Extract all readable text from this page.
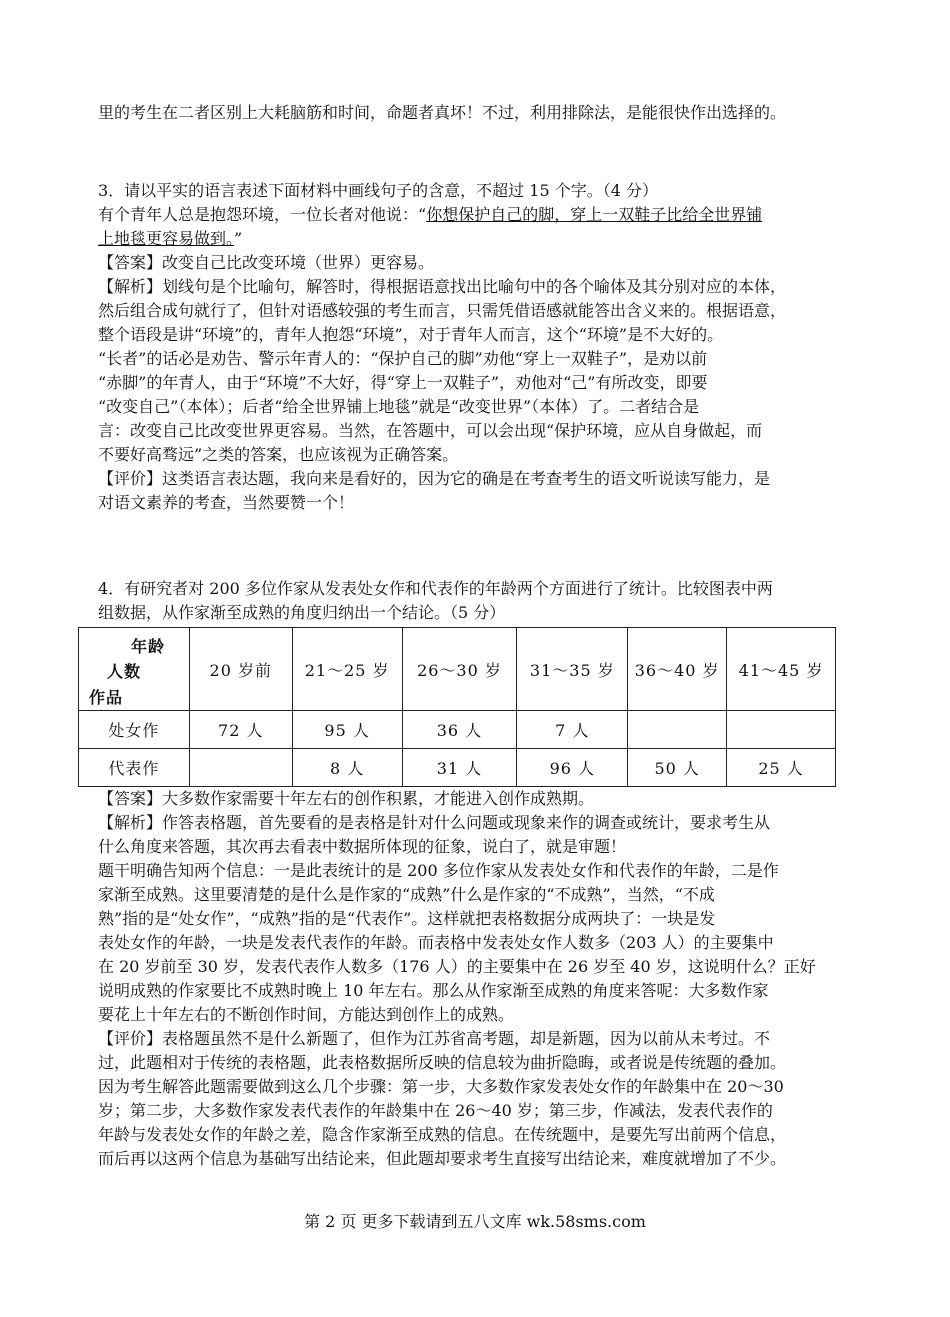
里的考生在二者区别上大耗脑筋和时间，命题者真坏！不过，利用排除法，是能很快作出选择的。

3．请以平实的语言表述下面材料中画线句子的含意，不超过 15 个字。（4 分）
有个青年人总是抱怨环境，一位长者对他说：“你想保护自己的脚，穿上一双鞋子比给全世界铺
上地毯更容易做到。”
【答案】改变自己比改变环境（世界）更容易。
【解析】划线句是个比喻句，解答时，得根据语意找出比喻句中的各个喻体及其分别对应的本体，
然后组合成句就行了，但针对语感较强的考生而言，只需凭借语感就能答出含义来的。根据语意，
整个语段是讲“环境”的，青年人抱怨“环境”，对于青年人而言，这个“环境”是不大好的。
“长者”的话必是劝告、警示年青人的：“保护自己的脚”劝他“穿上一双鞋子”，是劝以前
“赤脚”的年青人，由于“环境”不大好，得“穿上一双鞋子”，劝他对“己”有所改变，即要
“改变自己”（本体）；后者“给全世界铺上地毯”就是“改变世界”（本体）了。二者结合是
言：改变自己比改变世界更容易。当然，在答题中，可以会出现“保护环境，应从自身做起，而
不要好高骛远”之类的答案，也应该视为正确答案。
【评价】这类语言表达题，我向来是看好的，因为它的确是在考查考生的语文听说读写能力，是
对语文素养的考查，当然要赞一个！

4．有研究者对 200 多位作家从发表处女作和代表作的年龄两个方面进行了统计。比较图表中两
组数据，从作家渐至成熟的角度归纳出一个结论。（5 分）

年龄
人数
作品	20 岁前	21～25 岁	26～30 岁	31～35 岁	36～40 岁	41～45 岁
处女作	72 人	95 人	36 人	7 人		
代表作		8 人	31 人	96 人	50 人	25 人

【答案】大多数作家需要十年左右的创作积累，才能进入创作成熟期。
【解析】作答表格题，首先要看的是表格是针对什么问题或现象来作的调查或统计，要求考生从
什么角度来答题，其次再去看表中数据所体现的征象，说白了，就是审题！
题干明确告知两个信息：一是此表统计的是 200 多位作家从发表处女作和代表作的年龄，二是作
家渐至成熟。这里要清楚的是什么是作家的“成熟”什么是作家的“不成熟”，当然，“不成
熟”指的是“处女作”，“成熟”指的是“代表作”。这样就把表格数据分成两块了：一块是发
表处女作的年龄，一块是发表代表作的年龄。而表格中发表处女作人数多（203 人）的主要集中
在 20 岁前至 30 岁，发表代表作人数多（176 人）的主要集中在 26 岁至 40 岁，这说明什么？正好
说明成熟的作家要比不成熟时晚上 10 年左右。那么从作家渐至成熟的角度来答呢：大多数作家
要花上十年左右的不断创作时间，方能达到创作上的成熟。
【评价】表格题虽然不是什么新题了，但作为江苏省高考题，却是新题，因为以前从未考过。不
过，此题相对于传统的表格题，此表格数据所反映的信息较为曲折隐晦，或者说是传统题的叠加。
因为考生解答此题需要做到这么几个步骤：第一步，大多数作家发表处女作的年龄集中在 20～30
岁；第二步，大多数作家发表代表作的年龄集中在 26～40 岁；第三步，作减法，发表代表作的
年龄与发表处女作的年龄之差，隐含作家渐至成熟的信息。在传统题中，是要先写出前两个信息，
而后再以这两个信息为基础写出结论来，但此题却要求考生直接写出结论来，难度就增加了不少。

第 2 页 更多下载请到五八文库 wk.58sms.com
